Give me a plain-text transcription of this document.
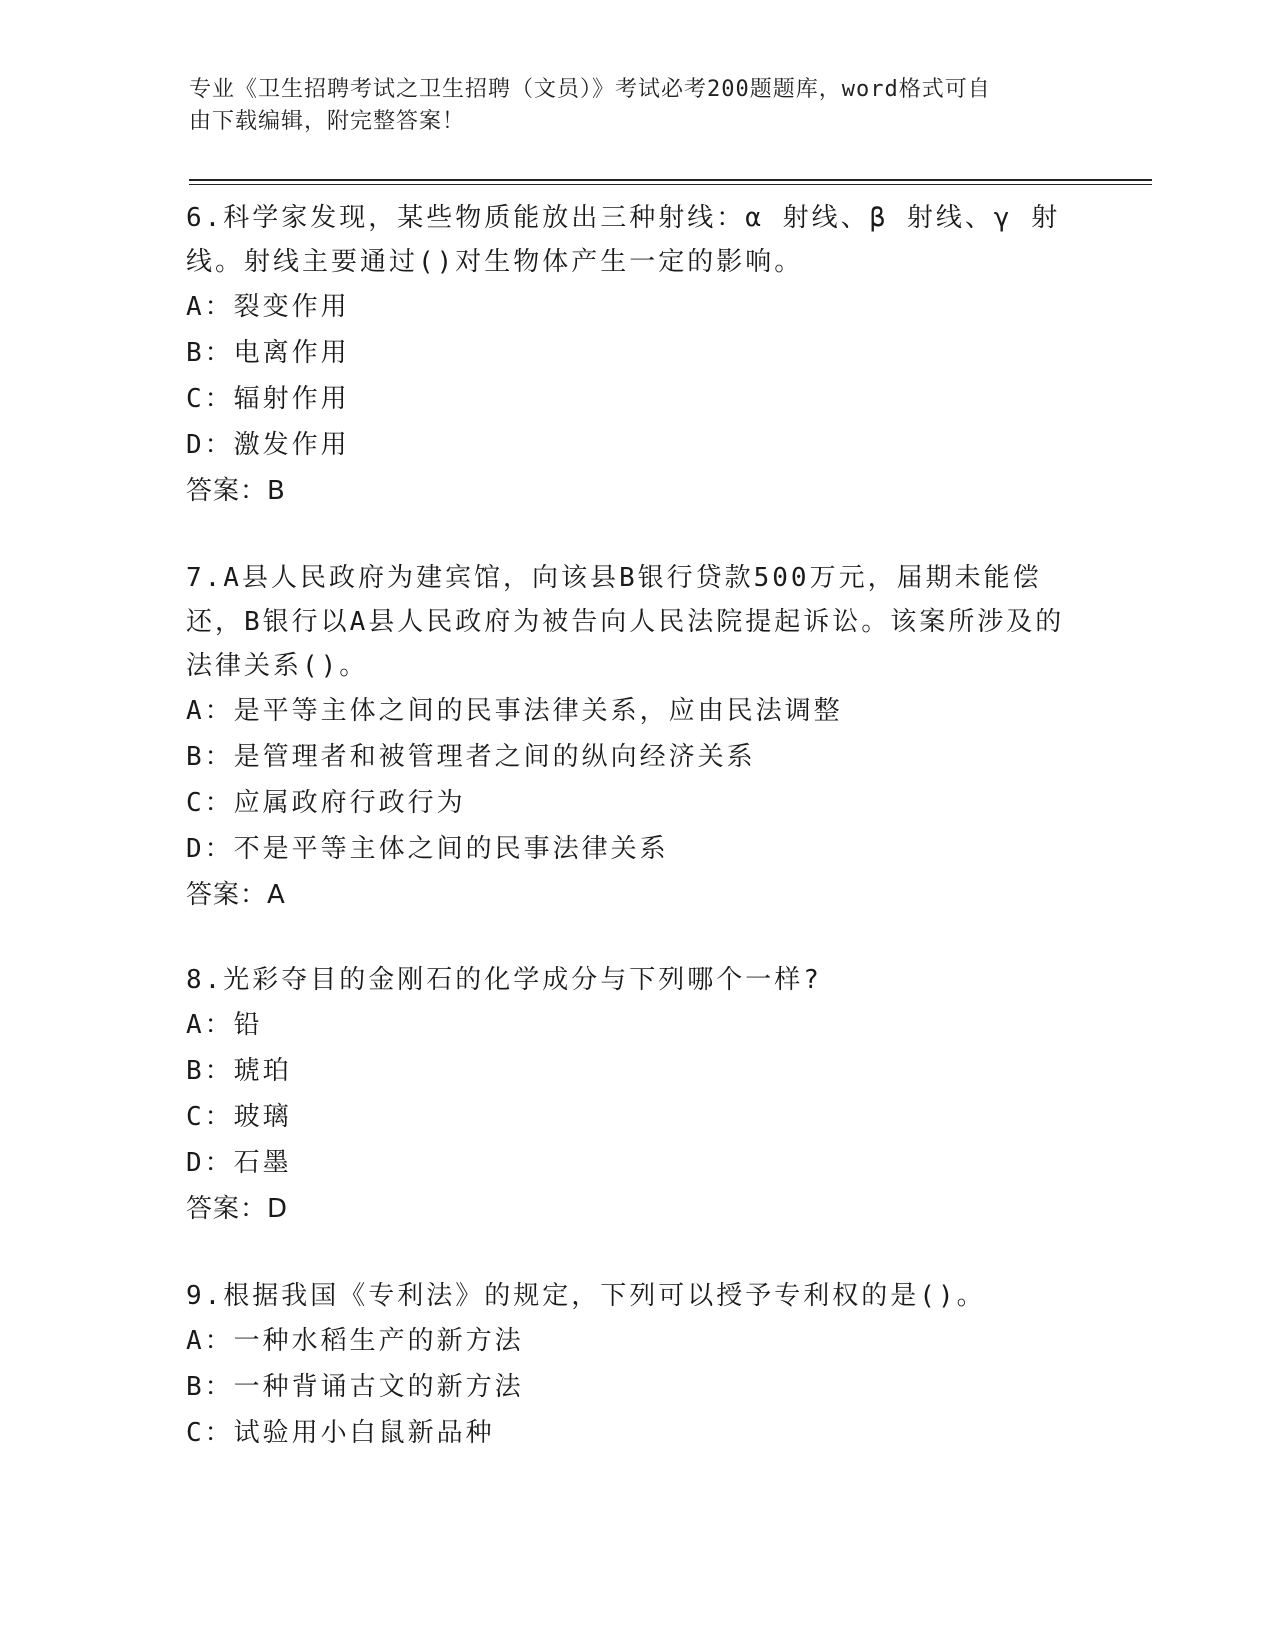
专业《卫生招聘考试之卫生招聘（文员）》考试必考200题题库，word格式可自
由下载编辑，附完整答案！

6.科学家发现，某些物质能放出三种射线：α 射线、β 射线、γ 射线。射线主要通过()对生物体产生一定的影响。

A：裂变作用

B：电离作用

C：辐射作用

D：激发作用

答案：B

7.A县人民政府为建宾馆，向该县B银行贷款500万元，届期未能偿还，B银行以A县人民政府为被告向人民法院提起诉讼。该案所涉及的法律关系()。

A：是平等主体之间的民事法律关系，应由民法调整

B：是管理者和被管理者之间的纵向经济关系

C：应属政府行政行为

D：不是平等主体之间的民事法律关系

答案：A

8.光彩夺目的金刚石的化学成分与下列哪个一样?

A：铅

B：琥珀

C：玻璃

D：石墨

答案：D

9.根据我国《专利法》的规定，下列可以授予专利权的是()。

A：一种水稻生产的新方法

B：一种背诵古文的新方法

C：试验用小白鼠新品种
